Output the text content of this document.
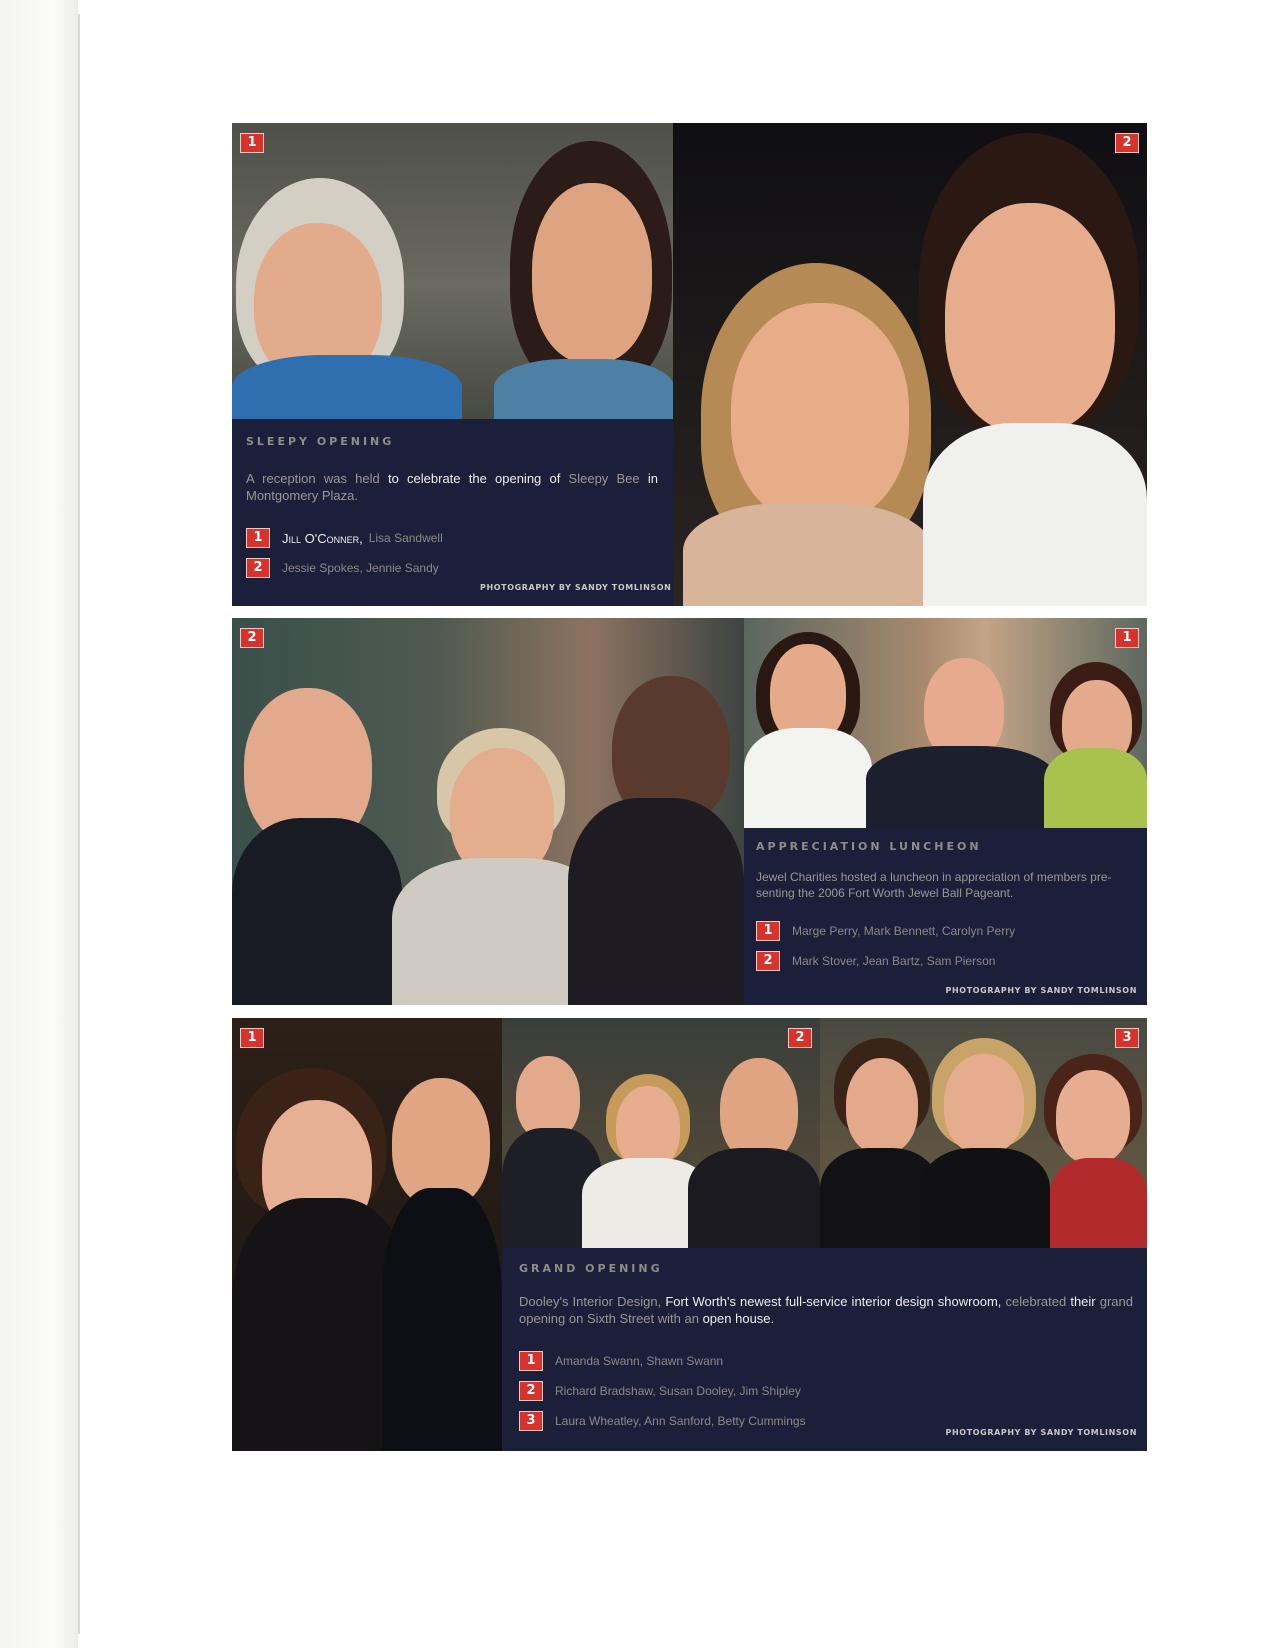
1	2
SLEEPY OPENING
A reception was held to celebrate the opening of Sleepy Bee in Montgomery Plaza.
1	Jill O'Conner, Lisa Sandwell
2	Jessie Spokes, Jennie Sandy
PHOTOGRAPHY BY SANDY TOMLINSON
2	1
APPRECIATION LUNCHEON
Jewel Charities hosted a luncheon in appreciation of members pre-
senting the 2006 Fort Worth Jewel Ball Pageant.
1	Marge Perry, Mark Bennett, Carolyn Perry
2	Mark Stover, Jean Bartz, Sam Pierson
PHOTOGRAPHY BY SANDY TOMLINSON
1	2	3
GRAND OPENING
Dooley's Interior Design, Fort Worth's newest full-service interior design showroom, celebrated their grand opening on Sixth Street with an open house.
1	Amanda Swann, Shawn Swann
2	Richard Bradshaw, Susan Dooley, Jim Shipley
3	Laura Wheatley, Ann Sanford, Betty Cummings
PHOTOGRAPHY BY SANDY TOMLINSON
